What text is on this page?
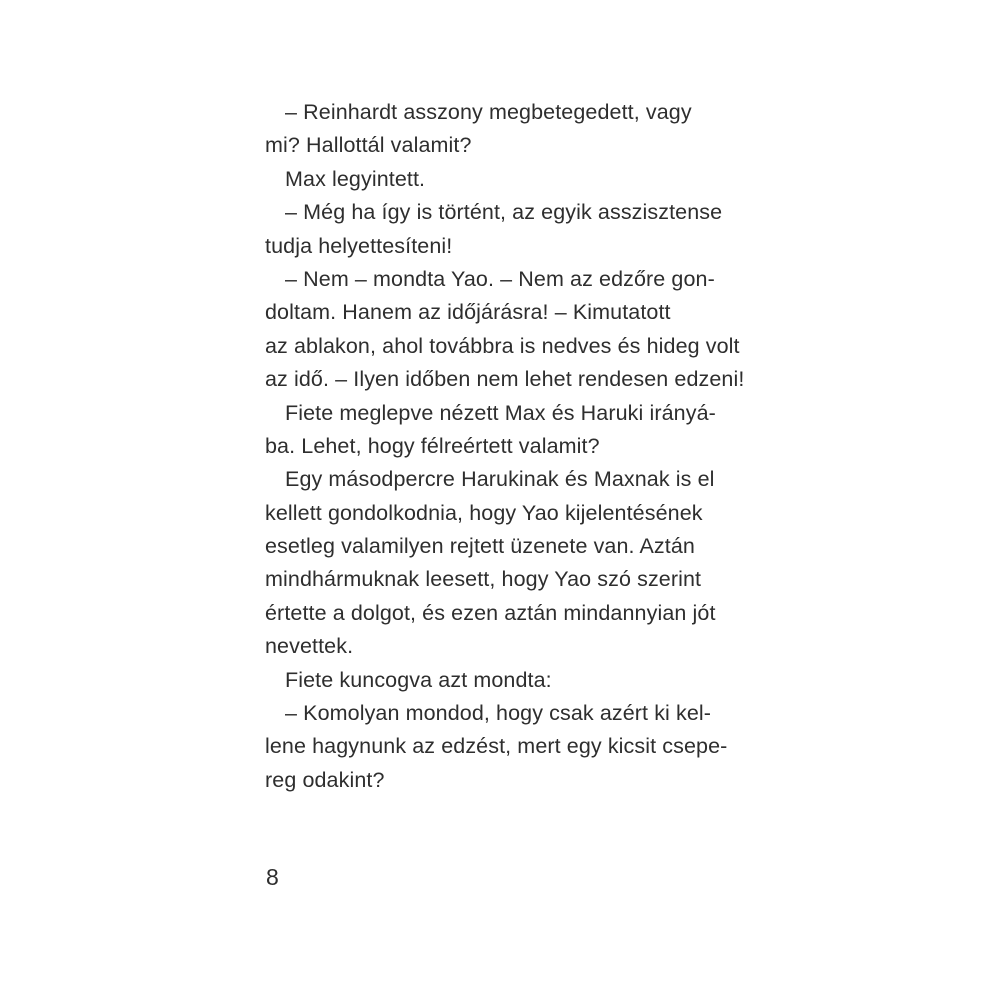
– Reinhardt asszony megbetegedett, vagy
mi? Hallottál valamit?
Max legyintett.
– Még ha így is történt, az egyik asszisztense
tudja helyettesíteni!
– Nem – mondta Yao. – Nem az edzőre gon-
doltam. Hanem az időjárásra! – Kimutatott
az ablakon, ahol továbbra is nedves és hideg volt
az idő. – Ilyen időben nem lehet rendesen edzeni!
Fiete meglepve nézett Max és Haruki irányá-
ba. Lehet, hogy félreértett valamit?
Egy másodpercre Harukinak és Maxnak is el
kellett gondolkodnia, hogy Yao kijelentésének
esetleg valamilyen rejtett üzenete van. Aztán
mindhármuknak leesett, hogy Yao szó szerint
értette a dolgot, és ezen aztán mindannyian jót
nevettek.
Fiete kuncogva azt mondta:
– Komolyan mondod, hogy csak azért ki kel-
lene hagynunk az edzést, mert egy kicsit csepe-
reg odakint?
8
